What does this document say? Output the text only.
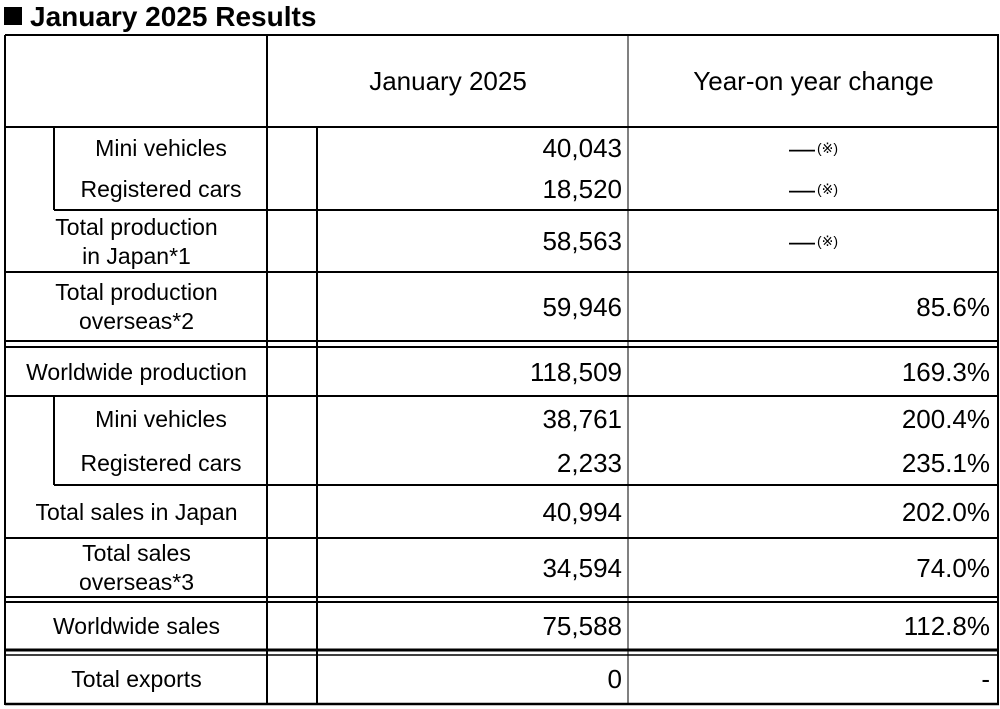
January 2025 Results
January 2025	Year-on year change
Mini vehicles	40,043	― (※)
Registered cars	18,520	― (※)
Total production
in Japan*1	58,563	― (※)
Total production
overseas*2	59,946	85.6%
Worldwide production	118,509	169.3%
Mini vehicles	38,761	200.4%
Registered cars	2,233	235.1%
Total sales in Japan	40,994	202.0%
Total sales
overseas*3	34,594	74.0%
Worldwide sales	75,588	112.8%
Total exports	0	-
